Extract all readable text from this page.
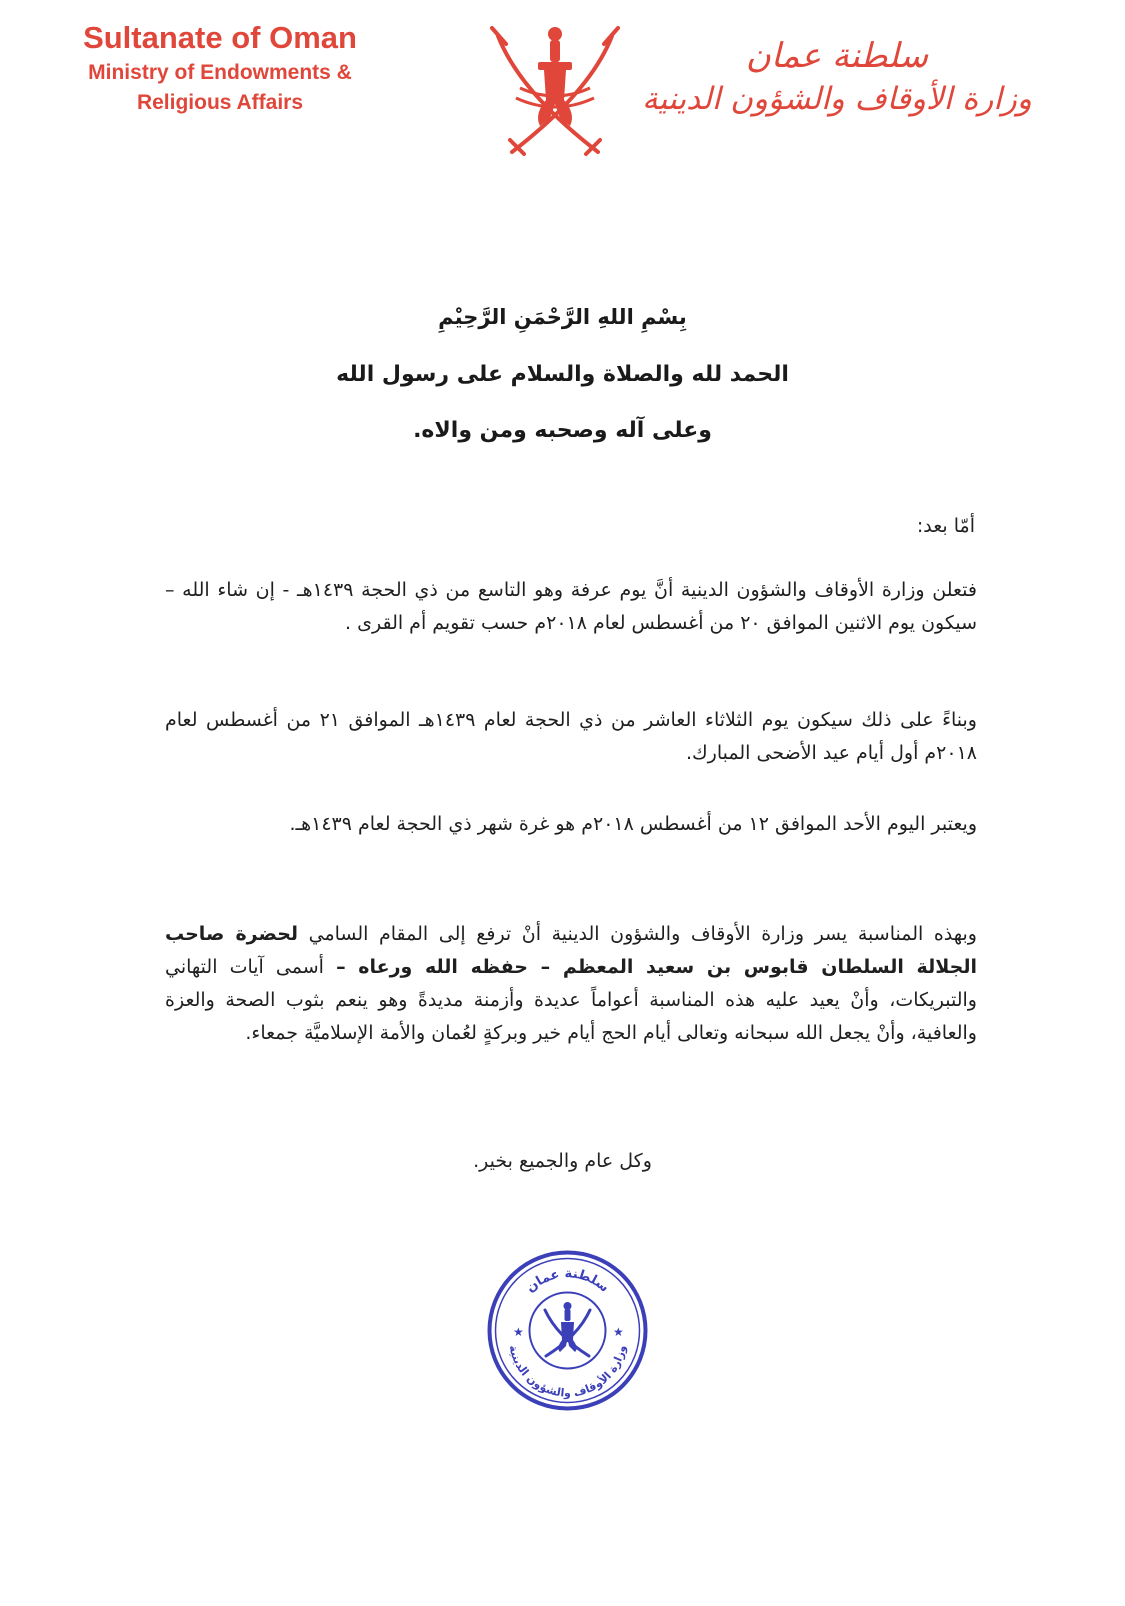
Sultanate of Oman
Ministry of Endowments &
Religious Affairs
سلطنة عمان
وزارة الأوقاف والشؤون الدينية
بِسْمِ اللهِ الرَّحْمَنِ الرَّحِيْمِ
الحمد لله والصلاة والسلام على رسول الله
وعلى آله وصحبه ومن والاه.
أمّا بعد:
فتعلن وزارة الأوقاف والشؤون الدينية أنَّ يوم عرفة وهو التاسع من ذي الحجة ١٤٣٩هـ - إن شاء الله – سيكون يوم الاثنين الموافق ٢٠ من أغسطس لعام ٢٠١٨م حسب تقويم أم القرى .
وبناءً على ذلك سيكون يوم الثلاثاء العاشر من ذي الحجة لعام ١٤٣٩هـ الموافق ٢١ من أغسطس لعام ٢٠١٨م أول أيام عيد الأضحى المبارك.
ويعتبر اليوم الأحد الموافق ١٢ من أغسطس ٢٠١٨م هو غرة شهر ذي الحجة لعام ١٤٣٩هـ.
وبهذه المناسبة يسر وزارة الأوقاف والشؤون الدينية أنْ ترفع إلى المقام السامي لحضرة صاحب الجلالة السلطان قابوس بن سعيد المعظم – حفظه الله ورعاه – أسمى آيات التهاني والتبريكات، وأنْ يعيد عليه هذه المناسبة أعواماً عديدة وأزمنة مديدةً وهو ينعم بثوب الصحة والعزة والعافية، وأنْ يجعل الله سبحانه وتعالى أيام الحج أيام خير وبركةٍ لعُمان والأمة الإسلاميَّة جمعاء.
وكل عام والجميع بخير.
سلطنة عمان
وزارة الأوقاف والشؤون الدينية
★	★
